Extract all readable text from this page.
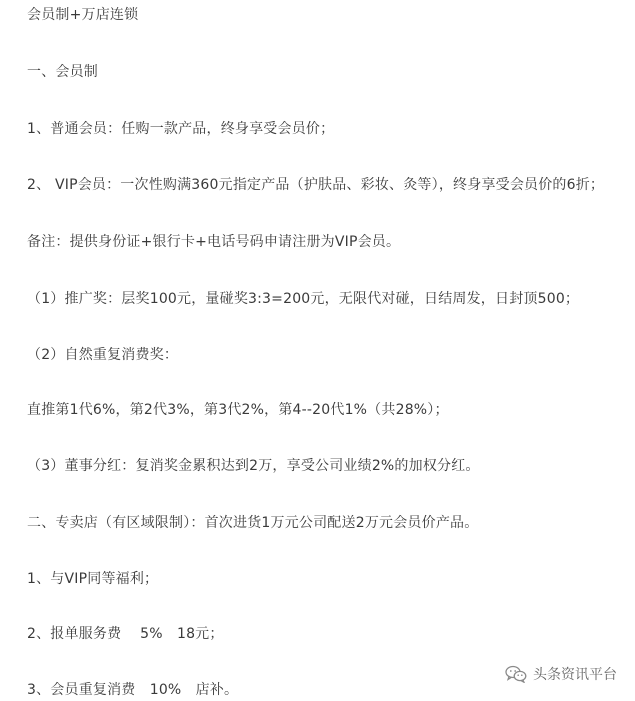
会员制+万店连锁
一、会员制
1、普通会员：任购一款产品，终身享受会员价；
2、 VIP会员：一次性购满360元指定产品（护肤品、彩妆、灸等），终身享受会员价的6折；
备注：提供身份证+银行卡+电话号码申请注册为VIP会员。
（1）推广奖：层奖100元，量碰奖3:3=200元，无限代对碰，日结周发，日封顶500；
（2）自然重复消费奖：
直推第1代6%，第2代3%，第3代2%，第4--20代1%（共28%）；
（3）董事分红：复消奖金累积达到2万，享受公司业绩2%的加权分红。
二、专卖店（有区域限制）：首次进货1万元公司配送2万元会员价产品。
1、与VIP同等福利；
2、报单服务费　 5%　18元；
3、会员重复消费　10%　店补。
头条资讯平台
